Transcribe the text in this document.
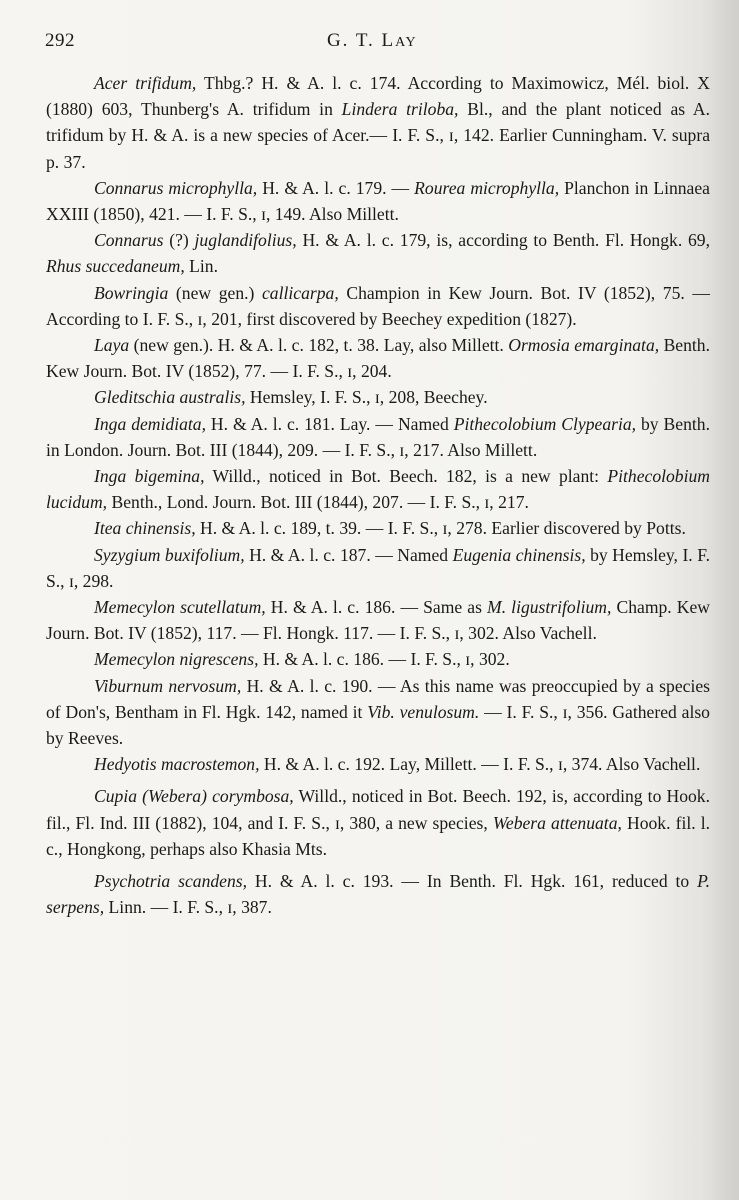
292	G. T. LAY

Acer trifidum, Thbg.? H. & A. l. c. 174. According to Maximowicz, Mél. biol. X (1880) 603, Thunberg's A. trifidum in Lindera triloba, Bl., and the plant noticed as A. trifidum by H. & A. is a new species of Acer.— I. F. S., ɪ, 142. Earlier Cunningham. V. supra p. 37.

Connarus microphylla, H. & A. l. c. 179. — Rourea microphylla, Planchon in Linnaea XXIII (1850), 421. — I. F. S., ɪ, 149. Also Millett.

Connarus (?) juglandifolius, H. & A. l. c. 179, is, according to Benth. Fl. Hongk. 69, Rhus succedaneum, Lin.

Bowringia (new gen.) callicarpa, Champion in Kew Journ. Bot. IV (1852), 75. — According to I. F. S., ɪ, 201, first discovered by Beechey expedition (1827).

Laya (new gen.). H. & A. l. c. 182, t. 38. Lay, also Millett. Ormosia emarginata, Benth. Kew Journ. Bot. IV (1852), 77. — I. F. S., ɪ, 204.

Gleditschia australis, Hemsley, I. F. S., ɪ, 208, Beechey.

Inga demidiata, H. & A. l. c. 181. Lay. — Named Pithecolobium Clypearia, by Benth. in London. Journ. Bot. III (1844), 209. — I. F. S., ɪ, 217. Also Millett.

Inga bigemina, Willd., noticed in Bot. Beech. 182, is a new plant: Pithecolobium lucidum, Benth., Lond. Journ. Bot. III (1844), 207. — I. F. S., ɪ, 217.

Itea chinensis, H. & A. l. c. 189, t. 39. — I. F. S., ɪ, 278. Earlier discovered by Potts.

Syzygium buxifolium, H. & A. l. c. 187. — Named Eugenia chinensis, by Hemsley, I. F. S., ɪ, 298.

Memecylon scutellatum, H. & A. l. c. 186. — Same as M. ligustrifolium, Champ. Kew Journ. Bot. IV (1852), 117. — Fl. Hongk. 117. — I. F. S., ɪ, 302. Also Vachell.

Memecylon nigrescens, H. & A. l. c. 186. — I. F. S., ɪ, 302.

Viburnum nervosum, H. & A. l. c. 190. — As this name was preoccupied by a species of Don's, Bentham in Fl. Hgk. 142, named it Vib. venulosum. — I. F. S., ɪ, 356. Gathered also by Reeves.

Hedyotis macrostemon, H. & A. l. c. 192. Lay, Millett. — I. F. S., ɪ, 374. Also Vachell.

Cupia (Webera) corymbosa, Willd., noticed in Bot. Beech. 192, is, according to Hook. fil., Fl. Ind. III (1882), 104, and I. F. S., ɪ, 380, a new species, Webera attenuata, Hook. fil. l. c., Hongkong, perhaps also Khasia Mts.

Psychotria scandens, H. & A. l. c. 193. — In Benth. Fl. Hgk. 161, reduced to P. serpens, Linn. — I. F. S., ɪ, 387.
